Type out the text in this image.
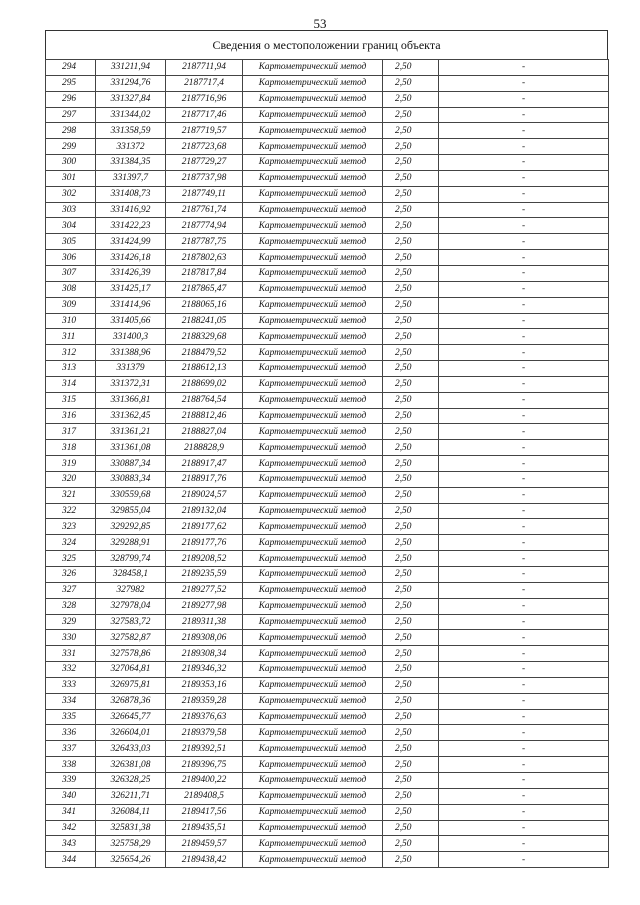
53
Сведения о местоположении границ объекта
294	331211,94	2187711,94	Картометрический метод	2,50	-
295	331294,76	2187717,4	Картометрический метод	2,50	-
296	331327,84	2187716,96	Картометрический метод	2,50	-
297	331344,02	2187717,46	Картометрический метод	2,50	-
298	331358,59	2187719,57	Картометрический метод	2,50	-
299	331372	2187723,68	Картометрический метод	2,50	-
300	331384,35	2187729,27	Картометрический метод	2,50	-
301	331397,7	2187737,98	Картометрический метод	2,50	-
302	331408,73	2187749,11	Картометрический метод	2,50	-
303	331416,92	2187761,74	Картометрический метод	2,50	-
304	331422,23	2187774,94	Картометрический метод	2,50	-
305	331424,99	2187787,75	Картометрический метод	2,50	-
306	331426,18	2187802,63	Картометрический метод	2,50	-
307	331426,39	2187817,84	Картометрический метод	2,50	-
308	331425,17	2187865,47	Картометрический метод	2,50	-
309	331414,96	2188065,16	Картометрический метод	2,50	-
310	331405,66	2188241,05	Картометрический метод	2,50	-
311	331400,3	2188329,68	Картометрический метод	2,50	-
312	331388,96	2188479,52	Картометрический метод	2,50	-
313	331379	2188612,13	Картометрический метод	2,50	-
314	331372,31	2188699,02	Картометрический метод	2,50	-
315	331366,81	2188764,54	Картометрический метод	2,50	-
316	331362,45	2188812,46	Картометрический метод	2,50	-
317	331361,21	2188827,04	Картометрический метод	2,50	-
318	331361,08	2188828,9	Картометрический метод	2,50	-
319	330887,34	2188917,47	Картометрический метод	2,50	-
320	330883,34	2188917,76	Картометрический метод	2,50	-
321	330559,68	2189024,57	Картометрический метод	2,50	-
322	329855,04	2189132,04	Картометрический метод	2,50	-
323	329292,85	2189177,62	Картометрический метод	2,50	-
324	329288,91	2189177,76	Картометрический метод	2,50	-
325	328799,74	2189208,52	Картометрический метод	2,50	-
326	328458,1	2189235,59	Картометрический метод	2,50	-
327	327982	2189277,52	Картометрический метод	2,50	-
328	327978,04	2189277,98	Картометрический метод	2,50	-
329	327583,72	2189311,38	Картометрический метод	2,50	-
330	327582,87	2189308,06	Картометрический метод	2,50	-
331	327578,86	2189308,34	Картометрический метод	2,50	-
332	327064,81	2189346,32	Картометрический метод	2,50	-
333	326975,81	2189353,16	Картометрический метод	2,50	-
334	326878,36	2189359,28	Картометрический метод	2,50	-
335	326645,77	2189376,63	Картометрический метод	2,50	-
336	326604,01	2189379,58	Картометрический метод	2,50	-
337	326433,03	2189392,51	Картометрический метод	2,50	-
338	326381,08	2189396,75	Картометрический метод	2,50	-
339	326328,25	2189400,22	Картометрический метод	2,50	-
340	326211,71	2189408,5	Картометрический метод	2,50	-
341	326084,11	2189417,56	Картометрический метод	2,50	-
342	325831,38	2189435,51	Картометрический метод	2,50	-
343	325758,29	2189459,57	Картометрический метод	2,50	-
344	325654,26	2189438,42	Картометрический метод	2,50	-
